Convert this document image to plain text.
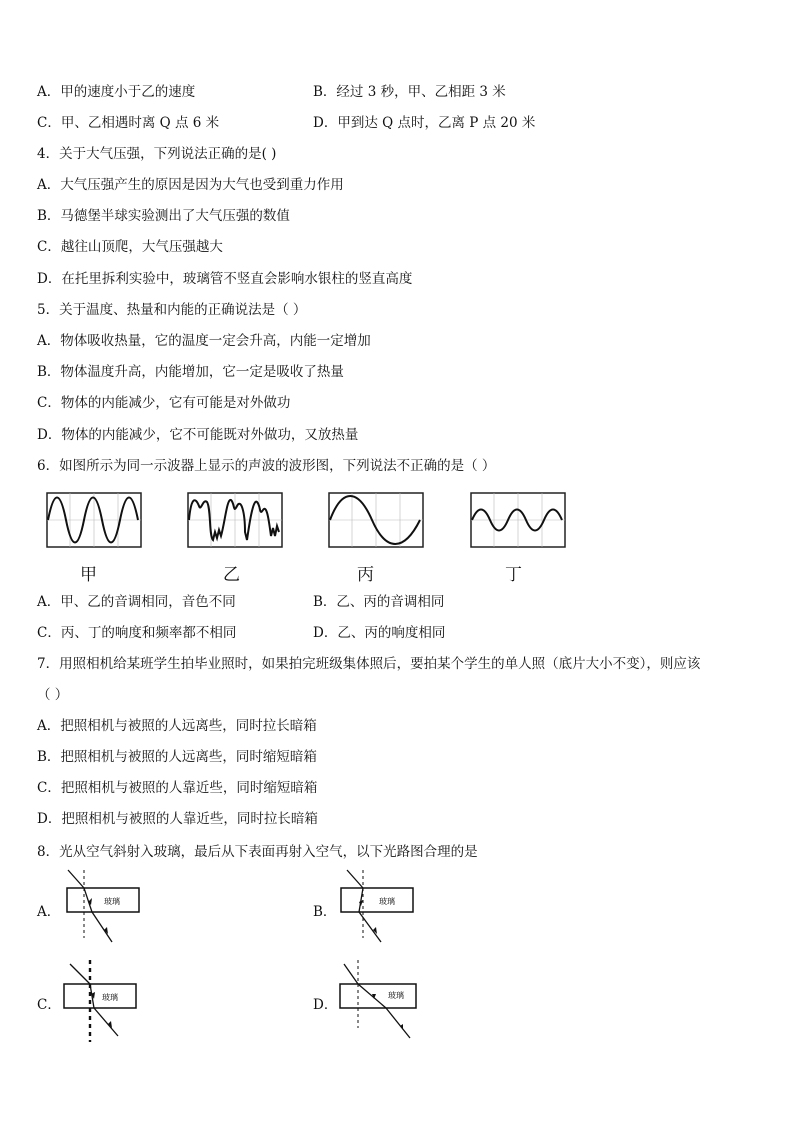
A．甲的速度小于乙的速度	B．经过 3 秒，甲、乙相距 3 米
C．甲、乙相遇时离 Q 点 6 米	D．甲到达 Q 点时，乙离 P 点 20 米
4．关于大气压强，下列说法正确的是( )
A．大气压强产生的原因是因为大气也受到重力作用
B．马德堡半球实验测出了大气压强的数值
C．越往山顶爬，大气压强越大
D．在托里拆利实验中，玻璃管不竖直会影响水银柱的竖直高度
5．关于温度、热量和内能的正确说法是（ ）
A．物体吸收热量，它的温度一定会升高，内能一定增加
B．物体温度升高，内能增加，它一定是吸收了热量
C．物体的内能减少，它有可能是对外做功
D．物体的内能减少，它不可能既对外做功，又放热量
6．如图所示为同一示波器上显示的声波的波形图，下列说法不正确的是（ ）
甲	乙	丙	丁
A．甲、乙的音调相同，音色不同	B．乙、丙的音调相同
C．丙、丁的响度和频率都不相同	D．乙、丙的响度相同
7．用照相机给某班学生拍毕业照时，如果拍完班级集体照后，要拍某个学生的单人照（底片大小不变），则应该
（ ）
A．把照相机与被照的人远离些，同时拉长暗箱
B．把照相机与被照的人远离些，同时缩短暗箱
C．把照相机与被照的人靠近些，同时缩短暗箱
D．把照相机与被照的人靠近些，同时拉长暗箱
8．光从空气斜射入玻璃，最后从下表面再射入空气，以下光路图合理的是
A．
玻璃
B．
玻璃
C．	玻璃	D．
玻璃
